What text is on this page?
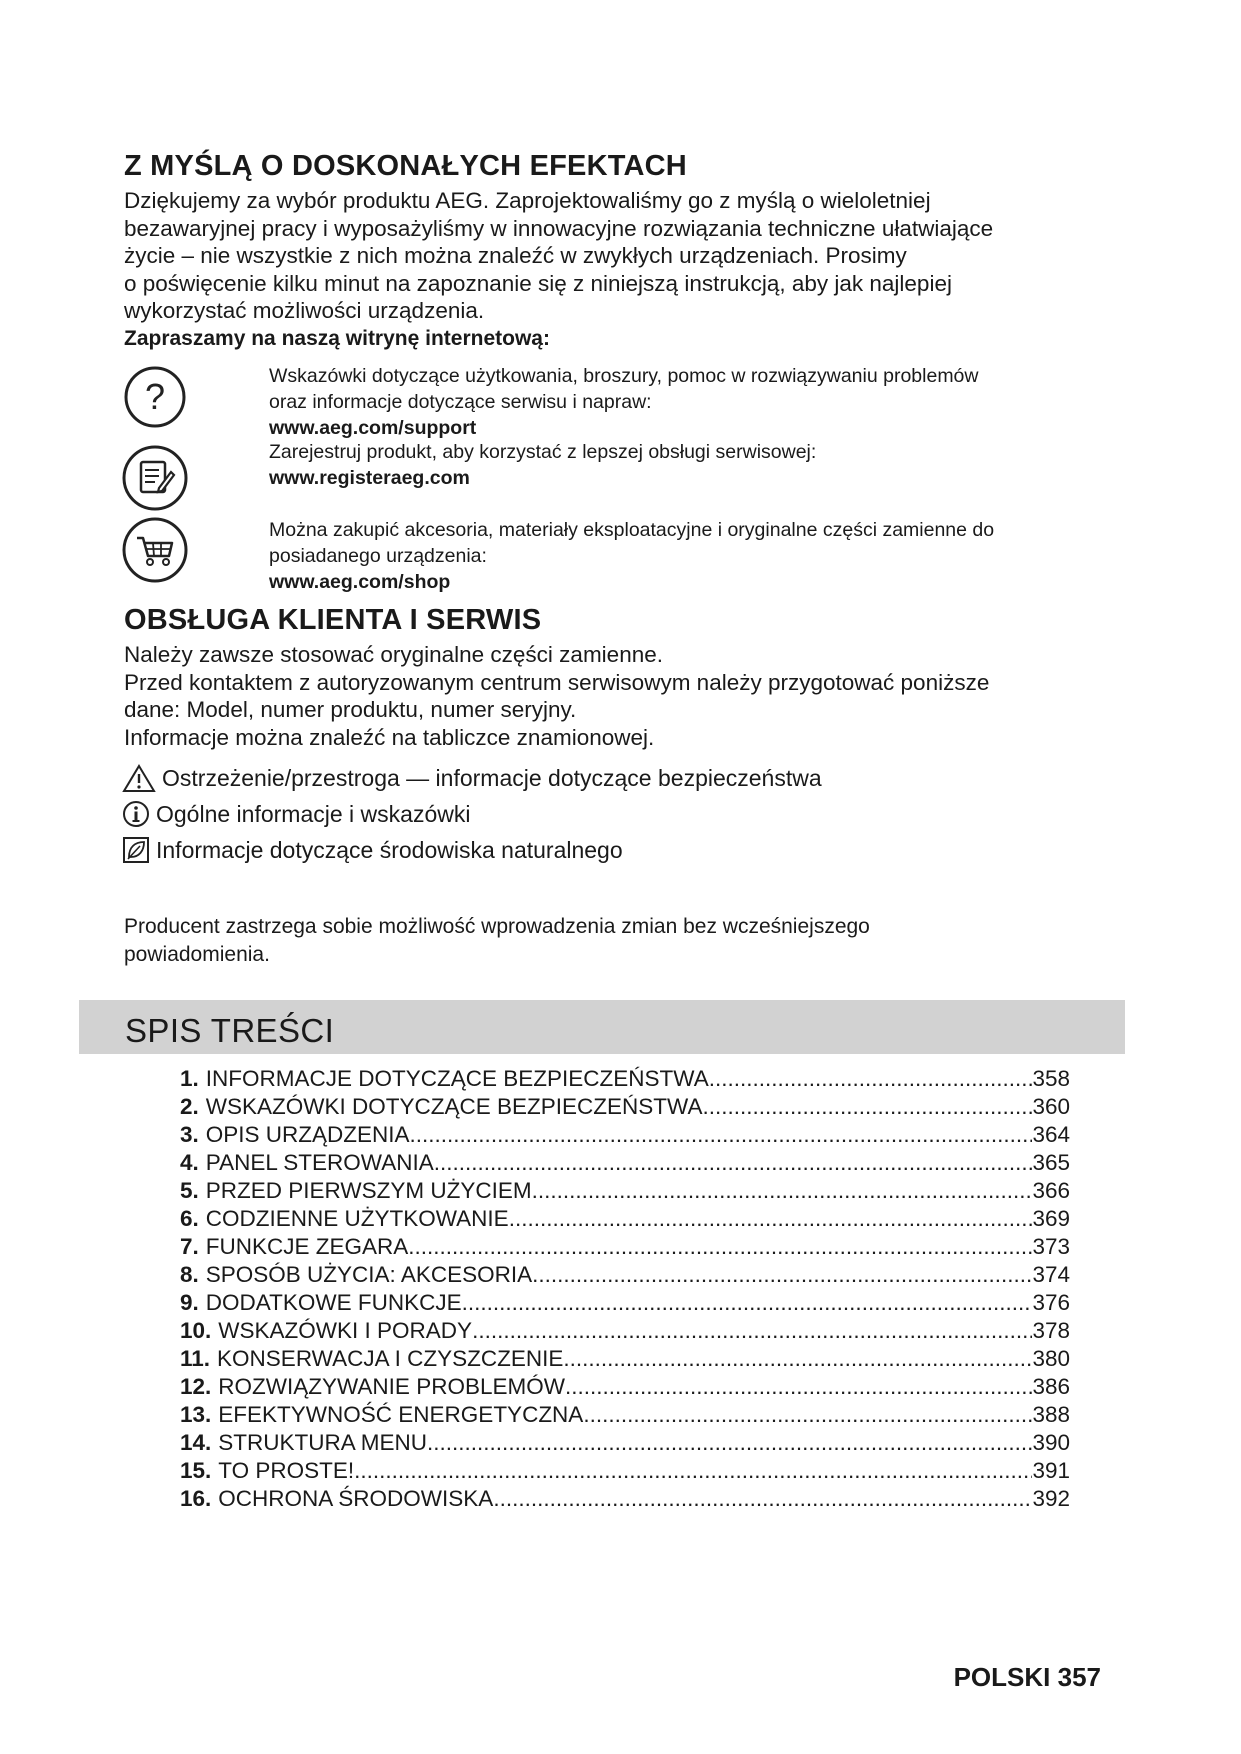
Z MYŚLĄ O DOSKONAŁYCH EFEKTACH
Dziękujemy za wybór produktu AEG. Zaprojektowaliśmy go z myślą o wieloletniej
bezawaryjnej pracy i wyposażyliśmy w innowacyjne rozwiązania techniczne ułatwiające
życie – nie wszystkie z nich można znaleźć w zwykłych urządzeniach. Prosimy
o poświęcenie kilku minut na zapoznanie się z niniejszą instrukcją, aby jak najlepiej
wykorzystać możliwości urządzenia.
Zapraszamy na naszą witrynę internetową:
?	Wskazówki dotyczące użytkowania, broszury, pomoc w rozwiązywaniu problemów
oraz informacje dotyczące serwisu i napraw:
www.aeg.com/support
Zarejestruj produkt, aby korzystać z lepszej obsługi serwisowej:
www.registeraeg.com
Można zakupić akcesoria, materiały eksploatacyjne i oryginalne części zamienne do
posiadanego urządzenia:
www.aeg.com/shop
OBSŁUGA KLIENTA I SERWIS
Należy zawsze stosować oryginalne części zamienne.
Przed kontaktem z autoryzowanym centrum serwisowym należy przygotować poniższe
dane: Model, numer produktu, numer seryjny.
Informacje można znaleźć na tabliczce znamionowej.
Ostrzeżenie/przestroga — informacje dotyczące bezpieczeństwa
Ogólne informacje i wskazówki
Informacje dotyczące środowiska naturalnego
Producent zastrzega sobie możliwość wprowadzenia zmian bez wcześniejszego
powiadomienia.
SPIS TREŚCI
1. INFORMACJE DOTYCZĄCE BEZPIECZEŃSTWA .....	358
2. WSKAZÓWKI DOTYCZĄCE BEZPIECZEŃSTWA .....	360
3. OPIS URZĄDZENIA .....	364
4. PANEL STEROWANIA .....	365
5. PRZED PIERWSZYM UŻYCIEM .....	366
6. CODZIENNE UŻYTKOWANIE .....	369
7. FUNKCJE ZEGARA .....	373
8. SPOSÓB UŻYCIA: AKCESORIA .....	374
9. DODATKOWE FUNKCJE .....	376
10. WSKAZÓWKI I PORADY .....	378
11. KONSERWACJA I CZYSZCZENIE .....	380
12. ROZWIĄZYWANIE PROBLEMÓW .....	386
13. EFEKTYWNOŚĆ ENERGETYCZNA .....	388
14. STRUKTURA MENU .....	390
15. TO PROSTE! .....	391
16. OCHRONA ŚRODOWISKA .....	392
POLSKI 357
